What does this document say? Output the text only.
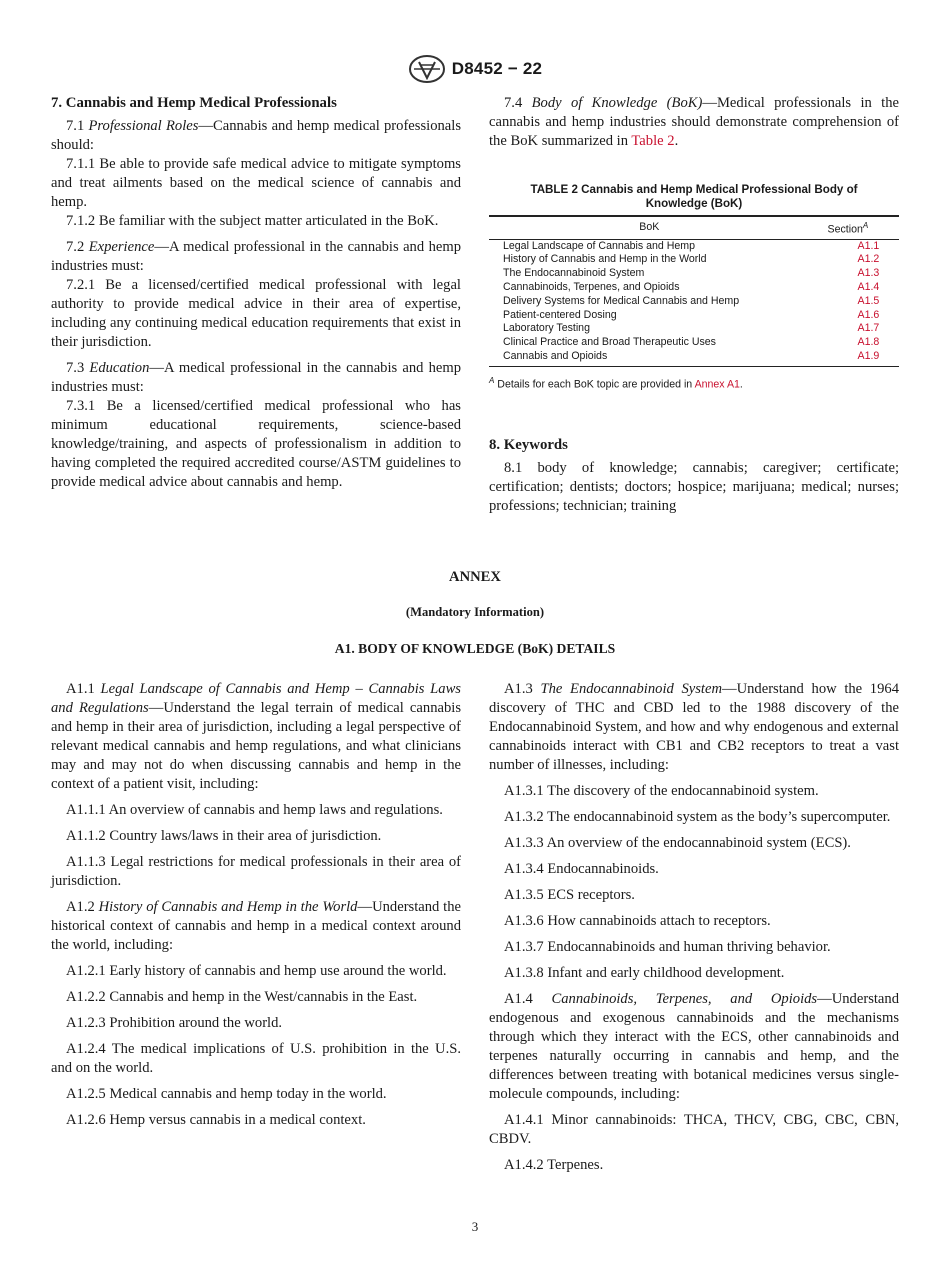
D8452 − 22
7. Cannabis and Hemp Medical Professionals

7.1 Professional Roles—Cannabis and hemp medical professionals should:

7.1.1 Be able to provide safe medical advice to mitigate symptoms and treat ailments based on the medical science of cannabis and hemp.

7.1.2 Be familiar with the subject matter articulated in the BoK.

7.2 Experience—A medical professional in the cannabis and hemp industries must:

7.2.1 Be a licensed/certified medical professional with legal authority to provide medical advice in their area of expertise, including any continuing medical education requirements that exist in their jurisdiction.

7.3 Education—A medical professional in the cannabis and hemp industries must:

7.3.1 Be a licensed/certified medical professional who has minimum educational requirements, science-based knowledge/training, and aspects of professionalism in addition to having completed the required accredited course/ASTM guidelines to provide medical advice about cannabis and hemp.

7.4 Body of Knowledge (BoK)—Medical professionals in the cannabis and hemp industries should demonstrate comprehension of the BoK summarized in Table 2.

TABLE 2 Cannabis and Hemp Medical Professional Body of Knowledge (BoK)
BoK	Section$^A$
Legal Landscape of Cannabis and Hemp	A1.1
History of Cannabis and Hemp in the World	A1.2
The Endocannabinoid System	A1.3
Cannabinoids, Terpenes, and Opioids	A1.4
Delivery Systems for Medical Cannabis and Hemp	A1.5
Patient-centered Dosing	A1.6
Laboratory Testing	A1.7
Clinical Practice and Broad Therapeutic Uses	A1.8
Cannabis and Opioids	A1.9
$^A$ Details for each BoK topic are provided in Annex A1.
8. Keywords

8.1 body of knowledge; cannabis; caregiver; certificate; certification; dentists; doctors; hospice; marijuana; medical; nurses; professions; technician; training

ANNEX
(Mandatory Information)
A1. BODY OF KNOWLEDGE (BoK) DETAILS

A1.1 Legal Landscape of Cannabis and Hemp – Cannabis Laws and Regulations—Understand the legal terrain of medical cannabis and hemp in their area of jurisdiction, including a legal perspective of relevant medical cannabis and hemp regulations, and what clinicians may and may not do when discussing cannabis and hemp in the context of a patient visit, including:

A1.1.1 An overview of cannabis and hemp laws and regulations.

A1.1.2 Country laws/laws in their area of jurisdiction.

A1.1.3 Legal restrictions for medical professionals in their area of jurisdiction.

A1.2 History of Cannabis and Hemp in the World—Understand the historical context of cannabis and hemp in a medical context around the world, including:

A1.2.1 Early history of cannabis and hemp use around the world.

A1.2.2 Cannabis and hemp in the West/cannabis in the East.

A1.2.3 Prohibition around the world.

A1.2.4 The medical implications of U.S. prohibition in the U.S. and on the world.

A1.2.5 Medical cannabis and hemp today in the world.

A1.2.6 Hemp versus cannabis in a medical context.

A1.3 The Endocannabinoid System—Understand how the 1964 discovery of THC and CBD led to the 1988 discovery of the Endocannabinoid System, and how and why endogenous and external cannabinoids interact with CB1 and CB2 receptors to treat a vast number of illnesses, including:

A1.3.1 The discovery of the endocannabinoid system.

A1.3.2 The endocannabinoid system as the body’s supercomputer.

A1.3.3 An overview of the endocannabinoid system (ECS).

A1.3.4 Endocannabinoids.

A1.3.5 ECS receptors.

A1.3.6 How cannabinoids attach to receptors.

A1.3.7 Endocannabinoids and human thriving behavior.

A1.3.8 Infant and early childhood development.

A1.4 Cannabinoids, Terpenes, and Opioids—Understand endogenous and exogenous cannabinoids and the mechanisms through which they interact with the ECS, other cannabinoids and terpenes naturally occurring in cannabis and hemp, and the differences between treating with botanical medicines versus single-molecule compounds, including:

A1.4.1 Minor cannabinoids: THCA, THCV, CBG, CBC, CBN, CBDV.

A1.4.2 Terpenes.

3
